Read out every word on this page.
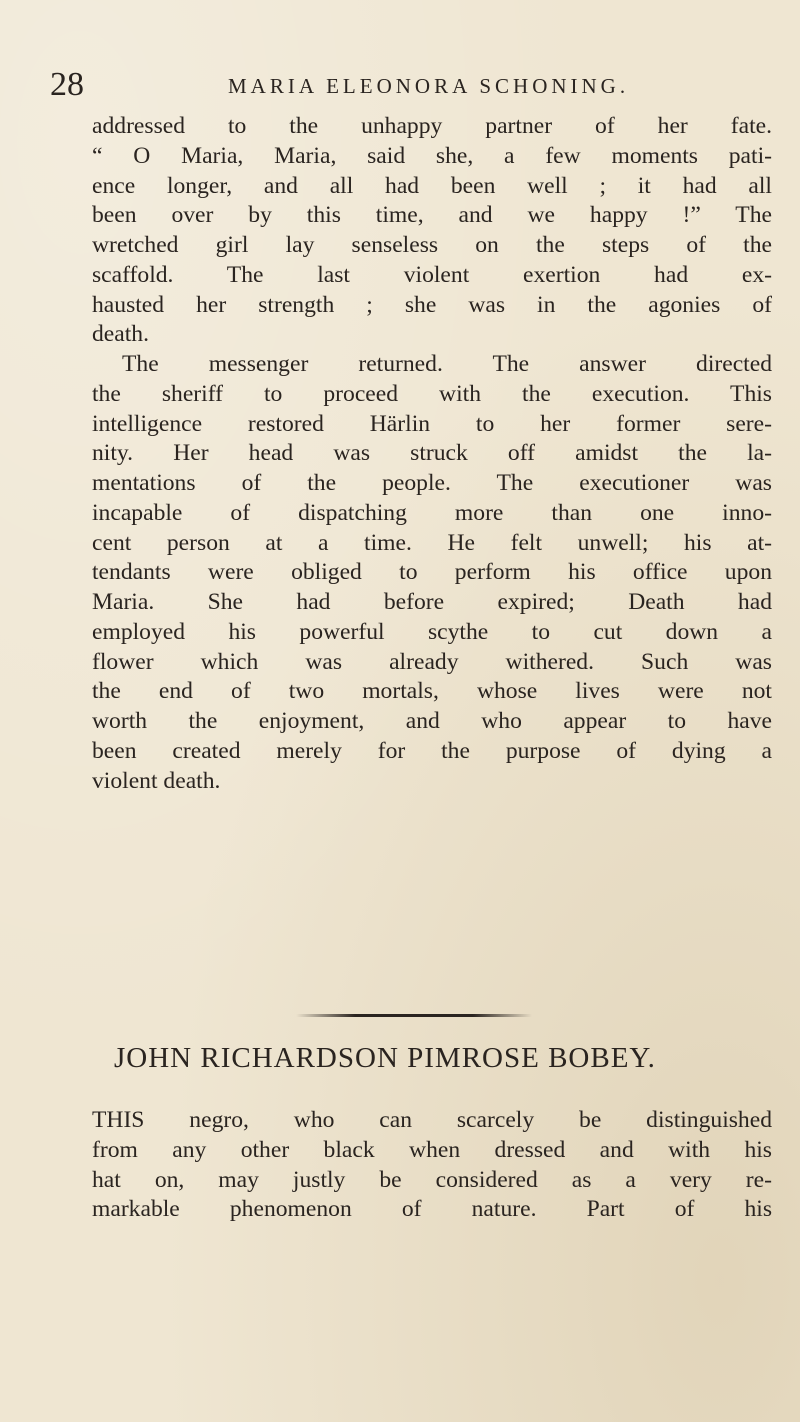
28	MARIA ELEONORA SCHONING.
addressed to the unhappy partner of her fate.
“ O Maria, Maria, said she, a few moments pati-
ence longer, and all had been well ; it had all
been over by this time, and we happy !” The
wretched girl lay senseless on the steps of the
scaffold. The last violent exertion had ex-
hausted her strength ; she was in the agonies of
death.
The messenger returned. The answer directed
the sheriff to proceed with the execution. This
intelligence restored Härlin to her former sere-
nity. Her head was struck off amidst the la-
mentations of the people. The executioner was
incapable of dispatching more than one inno-
cent person at a time. He felt unwell; his at-
tendants were obliged to perform his office upon
Maria. She had before expired; Death had
employed his powerful scythe to cut down a
flower which was already withered. Such was
the end of two mortals, whose lives were not
worth the enjoyment, and who appear to have
been created merely for the purpose of dying a
violent death.
JOHN RICHARDSON PIMROSE BOBEY.
THIS negro, who can scarcely be distinguished
from any other black when dressed and with his
hat on, may justly be considered as a very re-
markable phenomenon of nature. Part of his
